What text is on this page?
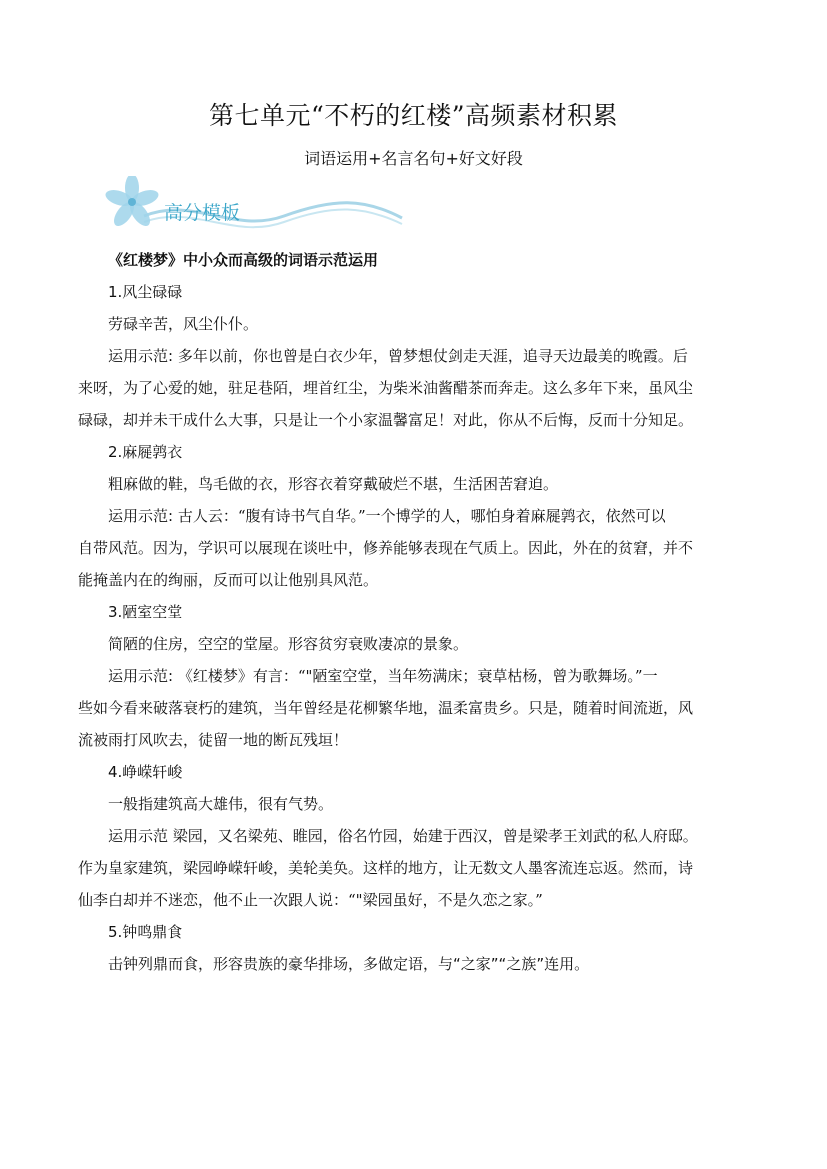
第七单元“不朽的红楼”高频素材积累
词语运用+名言名句+好文好段
高分模板

《红楼梦》中小众而高级的词语示范运用

1.风尘碌碌

劳碌辛苦，风尘仆仆。

运用示范: 多年以前，你也曾是白衣少年，曾梦想仗剑走天涯，追寻天边最美的晚霞。后

来呀，为了心爱的她，驻足巷陌，埋首红尘，为柴米油酱醋茶而奔走。这么多年下来，虽风尘

碌碌，却并未干成什么大事，只是让一个小家温馨富足！对此，你从不后悔，反而十分知足。

2.麻屣鹑衣

粗麻做的鞋，鸟毛做的衣，形容衣着穿戴破烂不堪，生活困苦窘迫。

运用示范: 古人云：“腹有诗书气自华。”一个博学的人，哪怕身着麻屣鹑衣，依然可以

自带风范。因为，学识可以展现在谈吐中，修养能够表现在气质上。因此，外在的贫窘，并不

能掩盖内在的绚丽，反而可以让他别具风范。

3.陋室空堂

简陋的住房，空空的堂屋。形容贫穷衰败凄凉的景象。

运用示范: 《红楼梦》有言：“"陋室空堂，当年笏满床；衰草枯杨，曾为歌舞场。”一

些如今看来破落衰朽的建筑，当年曾经是花柳繁华地，温柔富贵乡。只是，随着时间流逝，风

流被雨打风吹去，徒留一地的断瓦残垣！

4.峥嵘轩峻

一般指建筑高大雄伟，很有气势。

运用示范 梁园，又名梁苑、睢园，俗名竹园，始建于西汉，曾是梁孝王刘武的私人府邸。

作为皇家建筑，梁园峥嵘轩峻，美轮美奂。这样的地方，让无数文人墨客流连忘返。然而，诗

仙李白却并不迷恋，他不止一次跟人说：“"梁园虽好，不是久恋之家。”

5.钟鸣鼎食

击钟列鼎而食，形容贵族的豪华排场，多做定语，与“之家”“之族”连用。
